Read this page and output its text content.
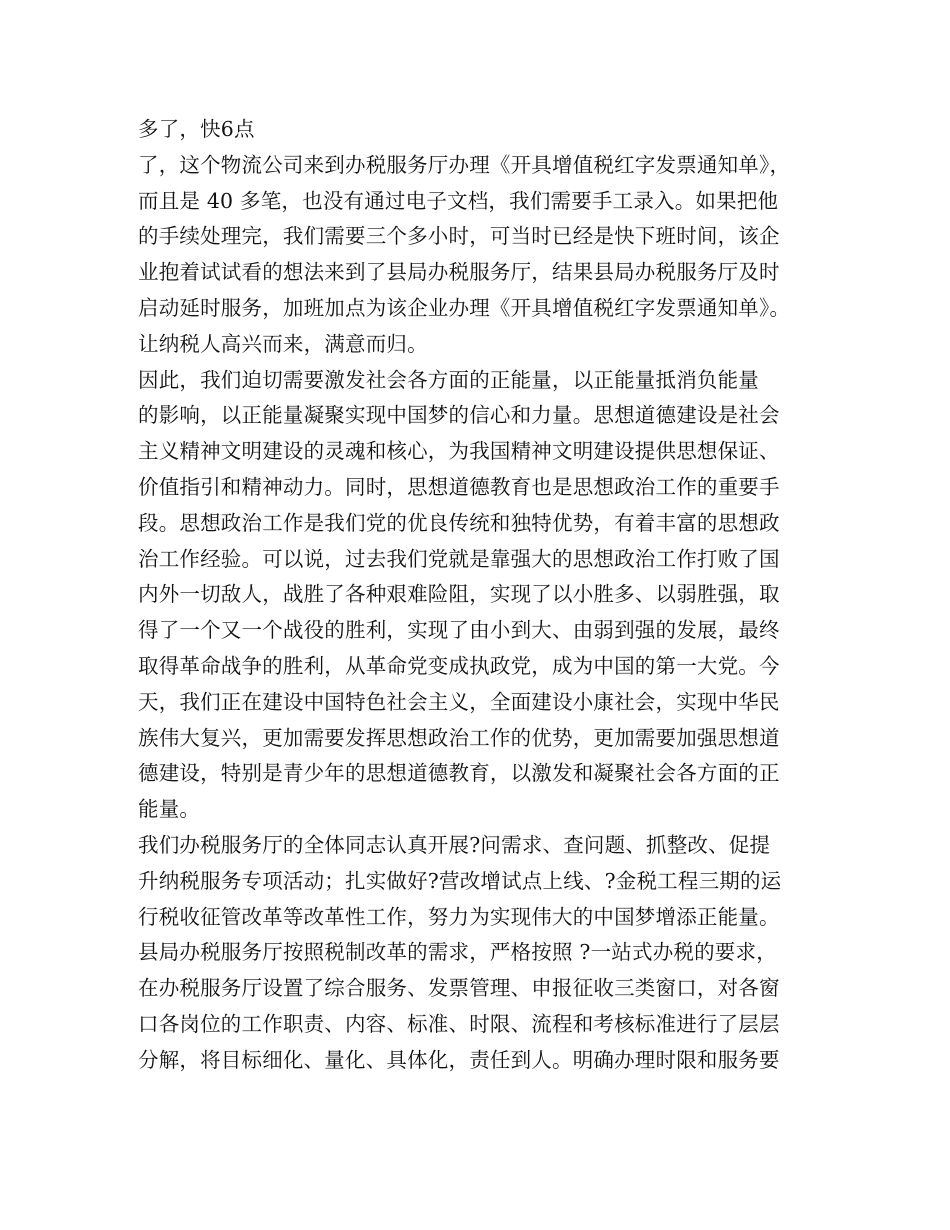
多了，快6点
了，这个物流公司来到办税服务厅办理《开具增值税红字发票通知单》，
而且是 40 多笔，也没有通过电子文档，我们需要手工录入。如果把他
的手续处理完，我们需要三个多小时，可当时已经是快下班时间，该企
业抱着试试看的想法来到了县局办税服务厅，结果县局办税服务厅及时
启动延时服务，加班加点为该企业办理《开具增值税红字发票通知单》。
让纳税人高兴而来，满意而归。
因此，我们迫切需要激发社会各方面的正能量，以正能量抵消负能量
的影响，以正能量凝聚实现中国梦的信心和力量。思想道德建设是社会
主义精神文明建设的灵魂和核心，为我国精神文明建设提供思想保证、
价值指引和精神动力。同时，思想道德教育也是思想政治工作的重要手
段。思想政治工作是我们党的优良传统和独特优势，有着丰富的思想政
治工作经验。可以说，过去我们党就是靠强大的思想政治工作打败了国
内外一切敌人，战胜了各种艰难险阻，实现了以小胜多、以弱胜强，取
得了一个又一个战役的胜利，实现了由小到大、由弱到强的发展，最终
取得革命战争的胜利，从革命党变成执政党，成为中国的第一大党。今
天，我们正在建设中国特色社会主义，全面建设小康社会，实现中华民
族伟大复兴，更加需要发挥思想政治工作的优势，更加需要加强思想道
德建设，特别是青少年的思想道德教育，以激发和凝聚社会各方面的正
能量。
我们办税服务厅的全体同志认真开展?问需求、查问题、抓整改、促提
升纳税服务专项活动；扎实做好?营改增试点上线、?金税工程三期的运
行税收征管改革等改革性工作，努力为实现伟大的中国梦增添正能量。
县局办税服务厅按照税制改革的需求，严格按照 ?一站式办税的要求，
在办税服务厅设置了综合服务、发票管理、申报征收三类窗口，对各窗
口各岗位的工作职责、内容、标准、时限、流程和考核标准进行了层层
分解，将目标细化、量化、具体化，责任到人。明确办理时限和服务要
